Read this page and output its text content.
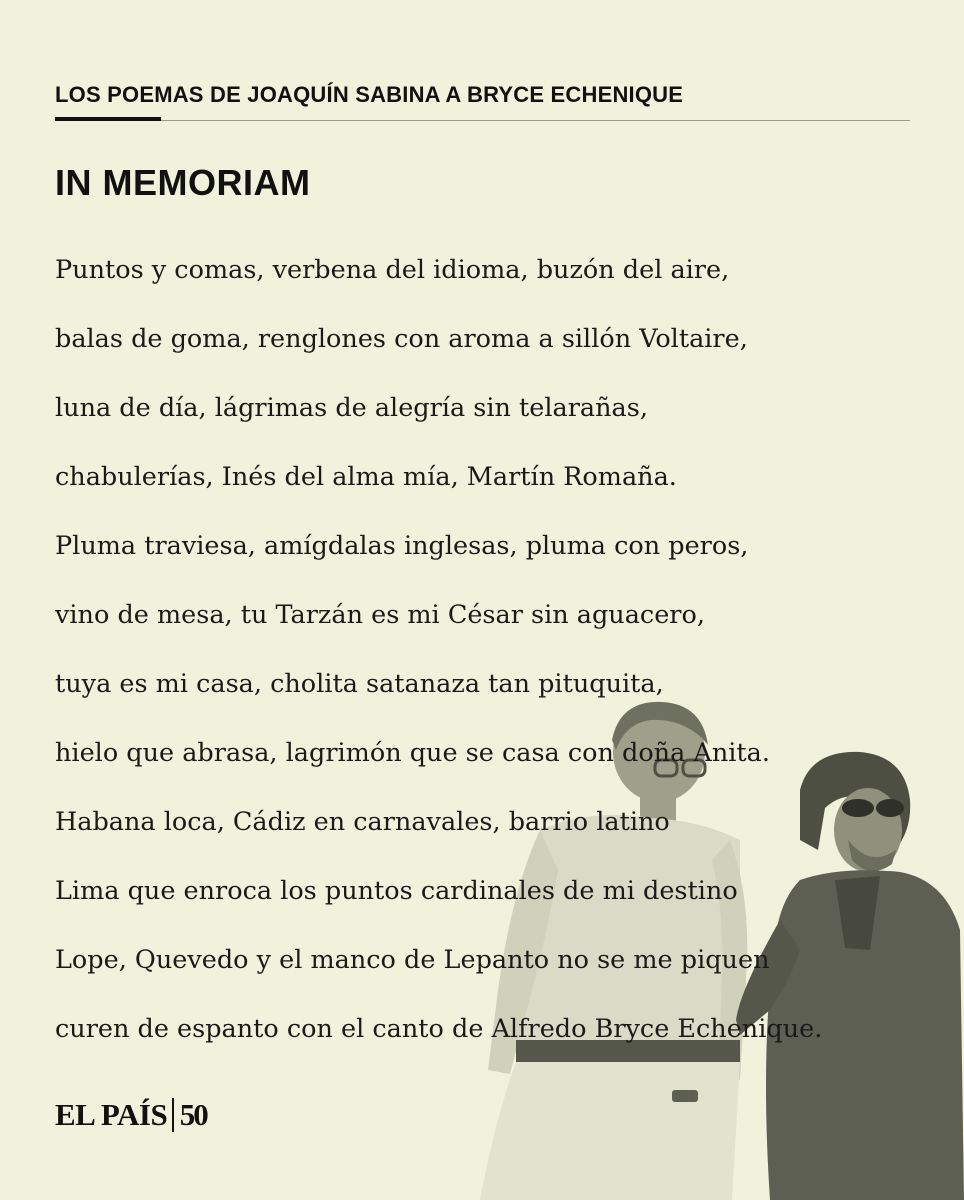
LOS POEMAS DE JOAQUÍN SABINA A BRYCE ECHENIQUE
IN MEMORIAM
Puntos y comas, verbena del idioma, buzón del aire,
balas de goma, renglones con aroma a sillón Voltaire,
luna de día, lágrimas de alegría sin telarañas,
chabulerías, Inés del alma mía, Martín Romaña.
Pluma traviesa, amígdalas inglesas, pluma con peros,
vino de mesa, tu Tarzán es mi César sin aguacero,
tuya es mi casa, cholita satanaza tan pituquita,
hielo que abrasa, lagrimón que se casa con doña Anita.
Habana loca, Cádiz en carnavales, barrio latino
Lima que enroca los puntos cardinales de mi destino
Lope, Quevedo y el manco de Lepanto no se me piquen
curen de espanto con el canto de Alfredo Bryce Echenique.
EL PAÍS 50
